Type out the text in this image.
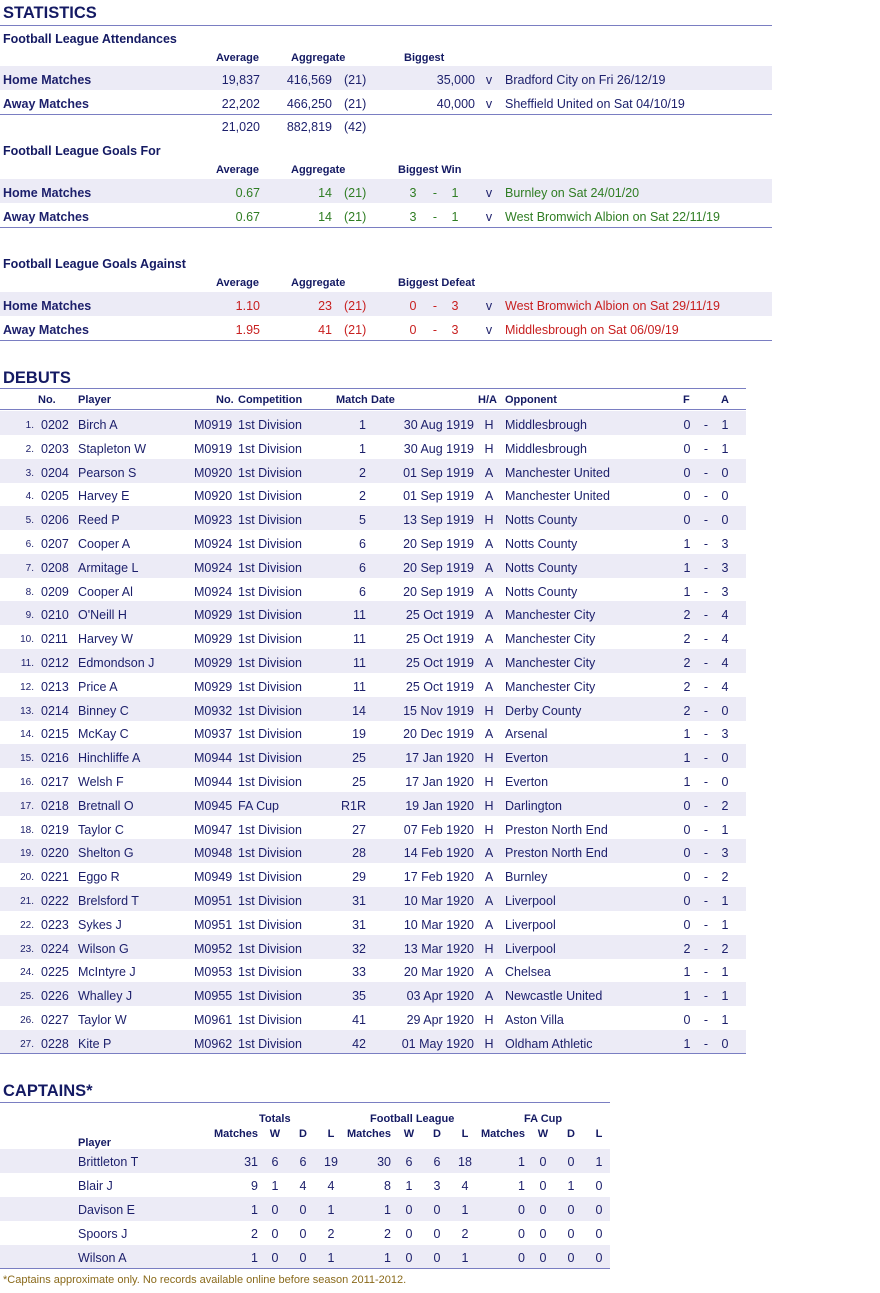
STATISTICS
Football League Attendances
Average	Aggregate	Biggest
Home Matches	19,837	416,569 (21)	35,000 v Bradford City on Fri 26/12/19
Away Matches	22,202	466,250 (21)	40,000 v Sheffield United on Sat 04/10/19
21,020	882,819 (42)
Football League Goals For
Average	Aggregate	Biggest Win
Home Matches	0.67	14 (21)	3	-	1	v Burnley on Sat 24/01/20
Away Matches	0.67	14 (21)	3	-	1	v West Bromwich Albion on Sat 22/11/19
Football League Goals Against
Average	Aggregate	Biggest Defeat
Home Matches	1.10	23 (21)	0	-	3	v West Bromwich Albion on Sat 29/11/19
Away Matches	1.95	41 (21)	0	-	3	v Middlesbrough on Sat 06/09/19
DEBUTS
No. Player	No. Competition	Match Date	H/A Opponent	F	A
1. 0202 Birch A	M0919 1st Division	1	30 Aug 1919 H Middlesbrough	0	-	1
2. 0203 Stapleton W	M0919 1st Division	1	30 Aug 1919 H Middlesbrough	0	-	1
3. 0204 Pearson S	M0920 1st Division	2	01 Sep 1919 A Manchester United	0	-	0
4. 0205 Harvey E	M0920 1st Division	2	01 Sep 1919 A Manchester United	0	-	0
5. 0206 Reed P	M0923 1st Division	5	13 Sep 1919 H Notts County	0	-	0
6. 0207 Cooper A	M0924 1st Division	6	20 Sep 1919 A Notts County	1	-	3
7. 0208 Armitage L	M0924 1st Division	6	20 Sep 1919 A Notts County	1	-	3
8. 0209 Cooper Al	M0924 1st Division	6	20 Sep 1919 A Notts County	1	-	3
9. 0210 O'Neill H	M0929 1st Division	11	25 Oct 1919 A Manchester City	2	-	4
10. 0211 Harvey W	M0929 1st Division	11	25 Oct 1919 A Manchester City	2	-	4
11. 0212 Edmondson J	M0929 1st Division	11	25 Oct 1919 A Manchester City	2	-	4
12. 0213 Price A	M0929 1st Division	11	25 Oct 1919 A Manchester City	2	-	4
13. 0214 Binney C	M0932 1st Division	14	15 Nov 1919 H Derby County	2	-	0
14. 0215 McKay C	M0937 1st Division	19	20 Dec 1919 A Arsenal	1	-	3
15. 0216 Hinchliffe A	M0944 1st Division	25	17 Jan 1920 H Everton	1	-	0
16. 0217 Welsh F	M0944 1st Division	25	17 Jan 1920 H Everton	1	-	0
17. 0218 Bretnall O	M0945 FA Cup	R1R	19 Jan 1920 H Darlington	0	-	2
18. 0219 Taylor C	M0947 1st Division	27	07 Feb 1920 H Preston North End	0	-	1
19. 0220 Shelton G	M0948 1st Division	28	14 Feb 1920 A Preston North End	0	-	3
20. 0221 Eggo R	M0949 1st Division	29	17 Feb 1920 A Burnley	0	-	2
21. 0222 Brelsford T	M0951 1st Division	31	10 Mar 1920 A Liverpool	0	-	1
22. 0223 Sykes J	M0951 1st Division	31	10 Mar 1920 A Liverpool	0	-	1
23. 0224 Wilson G	M0952 1st Division	32	13 Mar 1920 H Liverpool	2	-	2
24. 0225 McIntyre J	M0953 1st Division	33	20 Mar 1920 A Chelsea	1	-	1
25. 0226 Whalley J	M0955 1st Division	35	03 Apr 1920 A Newcastle United	1	-	1
26. 0227 Taylor W	M0961 1st Division	41	29 Apr 1920 H Aston Villa	0	-	1
27. 0228 Kite P	M0962 1st Division	42	01 May 1920 H Oldham Athletic	1	-	0
CAPTAINS*
Totals	Football League	FA Cup
Player
Matches	W	D	L	Matches	W	D	L	Matches	W	D	L
Brittleton T	31	6	6	19	30	6	6	18	1	0	0	1
Blair J	9	1	4	4	8	1	3	4	1	0	1	0
Davison E	1	0	0	1	1	0	0	1	0	0	0	0
Spoors J	2	0	0	2	2	0	0	2	0	0	0	0
Wilson A	1	0	0	1	1	0	0	1	0	0	0	0
*Captains approximate only. No records available online before season 2011-2012.
